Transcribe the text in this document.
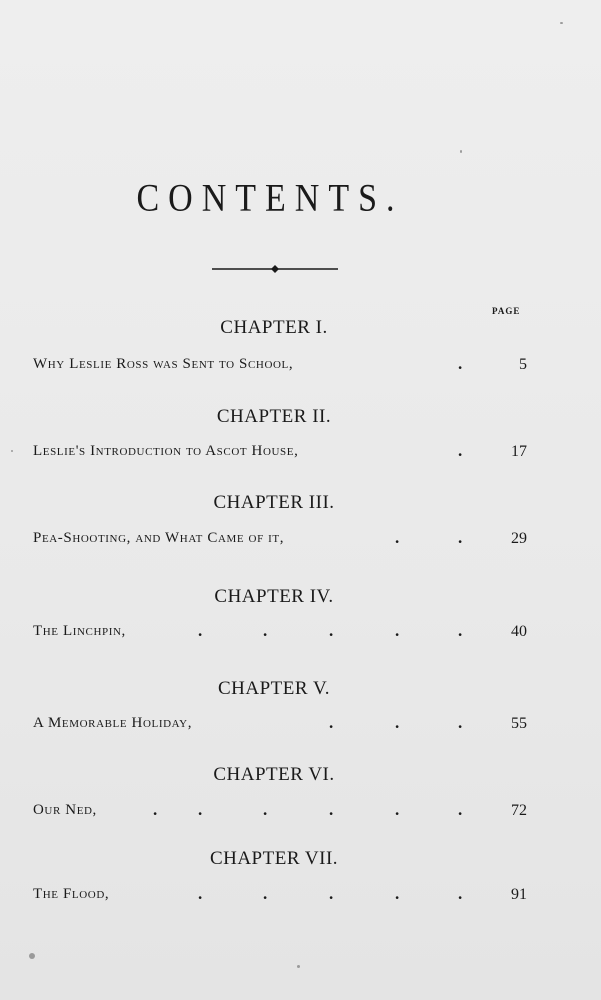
CONTENTS.
PAGE
CHAPTER I.
Why Leslie Ross was Sent to School,	.	5
CHAPTER II.
Leslie's Introduction to Ascot House,	.	17
CHAPTER III.
Pea-Shooting, and What Came of it,	.	.	29
CHAPTER IV.
The Linchpin,	.	.	.	.	.	40
CHAPTER V.
A Memorable Holiday,	.	.	.	55
CHAPTER VI.
Our Ned,	. .	.	.	.	.	72
CHAPTER VII.
The Flood,	.	.	.	.	.	91
